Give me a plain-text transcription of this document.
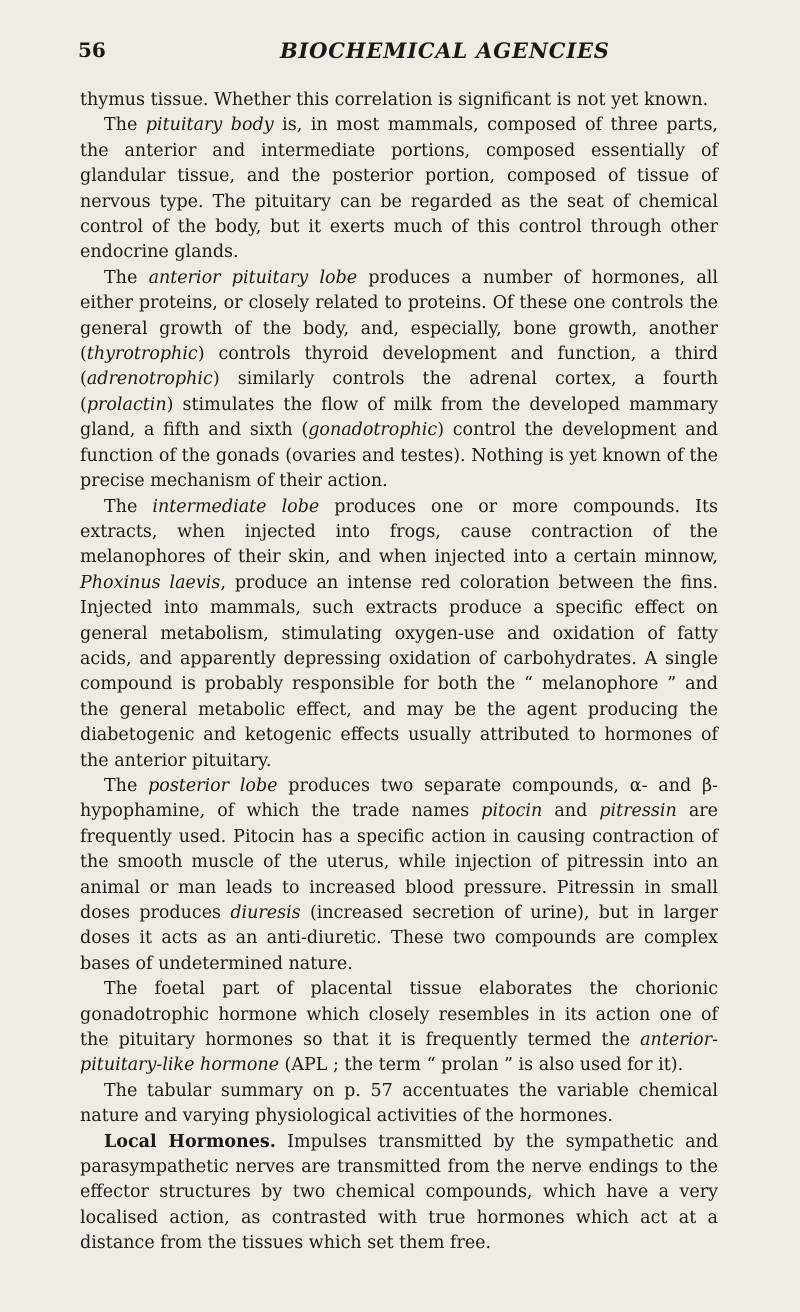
56	BIOCHEMICAL AGENCIES

thymus tissue. Whether this correlation is significant is not yet known.

The pituitary body is, in most mammals, composed of three parts, the anterior and intermediate portions, composed essentially of glandular tissue, and the posterior portion, composed of tissue of nervous type. The pituitary can be regarded as the seat of chemical control of the body, but it exerts much of this control through other endocrine glands.

The anterior pituitary lobe produces a number of hormones, all either proteins, or closely related to proteins. Of these one controls the general growth of the body, and, especially, bone growth, another (thyrotrophic) controls thyroid development and function, a third (adrenotrophic) similarly controls the adrenal cortex, a fourth (prolactin) stimulates the flow of milk from the developed mammary gland, a fifth and sixth (gonadotrophic) control the development and function of the gonads (ovaries and testes). Nothing is yet known of the precise mechanism of their action.

The intermediate lobe produces one or more compounds. Its extracts, when injected into frogs, cause contraction of the melanophores of their skin, and when injected into a certain minnow, Phoxinus laevis, produce an intense red coloration between the fins. Injected into mammals, such extracts produce a specific effect on general metabolism, stimulating oxygen-use and oxidation of fatty acids, and apparently depressing oxidation of carbohydrates. A single compound is probably responsible for both the “ melanophore ” and the general metabolic effect, and may be the agent producing the diabetogenic and ketogenic effects usually attributed to hormones of the anterior pituitary.

The posterior lobe produces two separate compounds, α- and β-hypophamine, of which the trade names pitocin and pitressin are frequently used. Pitocin has a specific action in causing contraction of the smooth muscle of the uterus, while injection of pitressin into an animal or man leads to increased blood pressure. Pitressin in small doses produces diuresis (increased secretion of urine), but in larger doses it acts as an anti-diuretic. These two compounds are complex bases of undetermined nature.

The foetal part of placental tissue elaborates the chorionic gonadotrophic hormone which closely resembles in its action one of the pituitary hormones so that it is frequently termed the anterior-pituitary-like hormone (APL ; the term “ prolan ” is also used for it).

The tabular summary on p. 57 accentuates the variable chemical nature and varying physiological activities of the hormones.

Local Hormones. Impulses transmitted by the sympathetic and parasympathetic nerves are transmitted from the nerve endings to the effector structures by two chemical compounds, which have a very localised action, as contrasted with true hormones which act at a distance from the tissues which set them free.
